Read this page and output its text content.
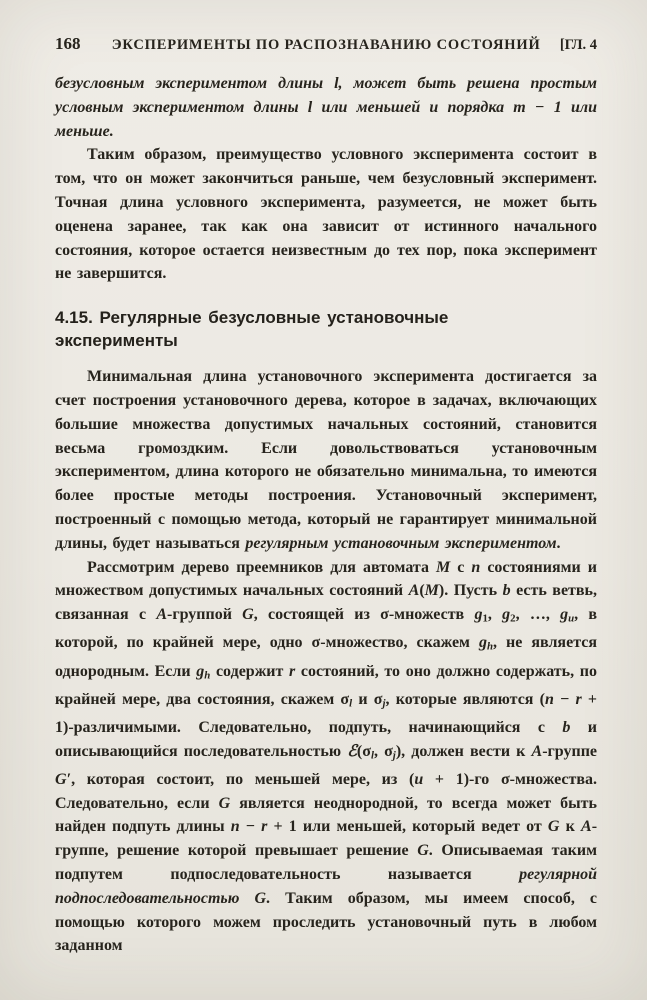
168	ЭКСПЕРИМЕНТЫ ПО РАСПОЗНАВАНИЮ СОСТОЯНИЙ	[ГЛ. 4

безусловным экспериментом длины l, может быть решена простым условным экспериментом длины l или меньшей и порядка m − 1 или меньше.

Таким образом, преимущество условного эксперимента состоит в том, что он может закончиться раньше, чем безусловный эксперимент. Точная длина условного эксперимента, разумеется, не может быть оценена заранее, так как она зависит от истинного начального состояния, которое остается неизвестным до тех пор, пока эксперимент не завершится.

4.15. Регулярные безусловные установочные эксперименты

Минимальная длина установочного эксперимента достигается за счет построения установочного дерева, которое в задачах, включающих большие множества допустимых начальных состояний, становится весьма громоздким. Если довольствоваться установочным экспериментом, длина которого не обязательно минимальна, то имеются более простые методы построения. Установочный эксперимент, построенный с помощью метода, который не гарантирует минимальной длины, будет называться регулярным установочным экспериментом.

Рассмотрим дерево преемников для автомата M с n состояниями и множеством допустимых начальных состояний A(M). Пусть b есть ветвь, связанная с A-группой G, состоящей из σ-множеств g1, g2, …, gu, в которой, по крайней мере, одно σ-множество, скажем gh, не является однородным. Если gh содержит r состояний, то оно должно содержать, по крайней мере, два состояния, скажем σl и σj, которые являются (n − r + 1)-различимыми. Следовательно, подпуть, начинающийся с b и описывающийся последовательностью ℰ(σl, σj), должен вести к A-группе G′, которая состоит, по меньшей мере, из (u + 1)-го σ-множества. Следовательно, если G является неоднородной, то всегда может быть найден подпуть длины n − r + 1 или меньшей, который ведет от G к A-группе, решение которой превышает решение G. Описываемая таким подпутем подпоследовательность называется регулярной подпоследовательностью G. Таким образом, мы имеем способ, с помощью которого можем проследить установочный путь в любом заданном
